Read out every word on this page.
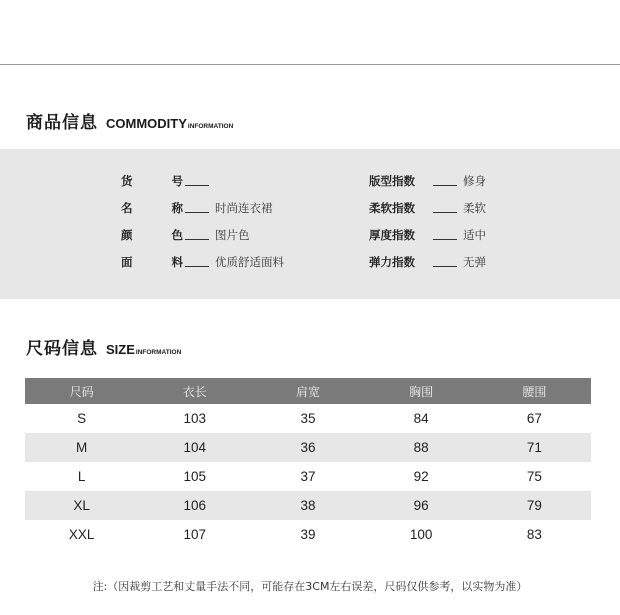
商品信息 COMMODITY INFORMATION
货	号
名	称	时尚连衣裙
颜	色	图片色
面	料	优质舒适面料
版型指数	修身
柔软指数	柔软
厚度指数	适中
弹力指数	无弹
尺码信息 SIZE INFORMATION
尺码	衣长	肩宽	胸围	腰围
S	103	35	84	67
M	104	36	88	71
L	105	37	92	75
XL	106	38	96	79
XXL	107	39	100	83
注:（因裁剪工艺和丈量手法不同，可能存在3CM左右误差，尺码仅供参考，以实物为准）
